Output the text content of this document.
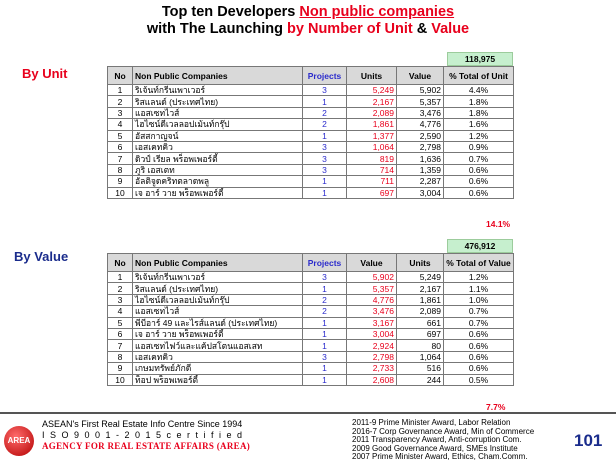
Top ten Developers Non public companies
with The Launching by Number of Unit & Value
By Unit
118,975
No	Non Public Companies	Projects	Units	Value	% Total of Unit
1	ริเจ้นท์กรีนเพาเวอร์	3	5,249	5,902	4.4%
2	ริสแลนด์ (ประเทศไทย)	1	2,167	5,357	1.8%
3	แอสเซทไวส์	2	2,089	3,476	1.8%
4	ไฮไซน์ดีเวลลอปเม้นท์กรุ๊ป	2	1,861	4,776	1.6%
5	อัสสกาญจน์	1	1,377	2,590	1.2%
6	เอสเคทคิว	3	1,064	2,798	0.9%
7	ดิวป์ เรียล พร็อพเพอร์ตี้	3	819	1,636	0.7%
8	ภูริ เอสเตท	3	714	1,359	0.6%
9	อัลติจูดคริทตลาดพลู	1	711	2,287	0.6%
10	เจ อาร์ วาย พร็อพเพอร์ตี้	1	697	3,004	0.6%
14.1%
By Value
476,912
No	Non Public Companies	Projects	Value	Units	% Total of Value
1	ริเจ้นท์กรีนเพาเวอร์	3	5,902	5,249	1.2%
2	ริสแลนด์ (ประเทศไทย)	1	5,357	2,167	1.1%
3	ไฮไซน์ดีเวลลอปเม้นท์กรุ๊ป	2	4,776	1,861	1.0%
4	แอสเซทไวส์	2	3,476	2,089	0.7%
5	พีบีอาร์ 49 และไรส์แลนด์ (ประเทศไทย)	1	3,167	661	0.7%
6	เจ อาร์ วาย พร็อพเพอร์ตี้	1	3,004	697	0.6%
7	แอสเซทไฟว์และแค้ปสโตนแอสเสท	1	2,924	80	0.6%
8	เอสเคทคิว	3	2,798	1,064	0.6%
9	เกษมทรัพย์ภักดี	1	2,733	516	0.6%
10	ท็อป พร็อพเพอร์ตี้	1	2,608	244	0.5%
7.7%
AREA
ASEAN's First Real Estate Info Centre Since 1994
I S O 9 0 0 1 - 2 0 1 5 c e r t i f i e d
AGENCY FOR REAL ESTATE AFFAIRS (AREA)
2011-9 Prime Minister Award, Labor Relation
2016-7 Corp Governance Award, Min of Commerce
2011 Transparency Award, Anti-corruption Com.
2009 Good Governance Award, SMEs Institute
2007 Prime Minister Award, Ethics, Cham.Comm.
101
